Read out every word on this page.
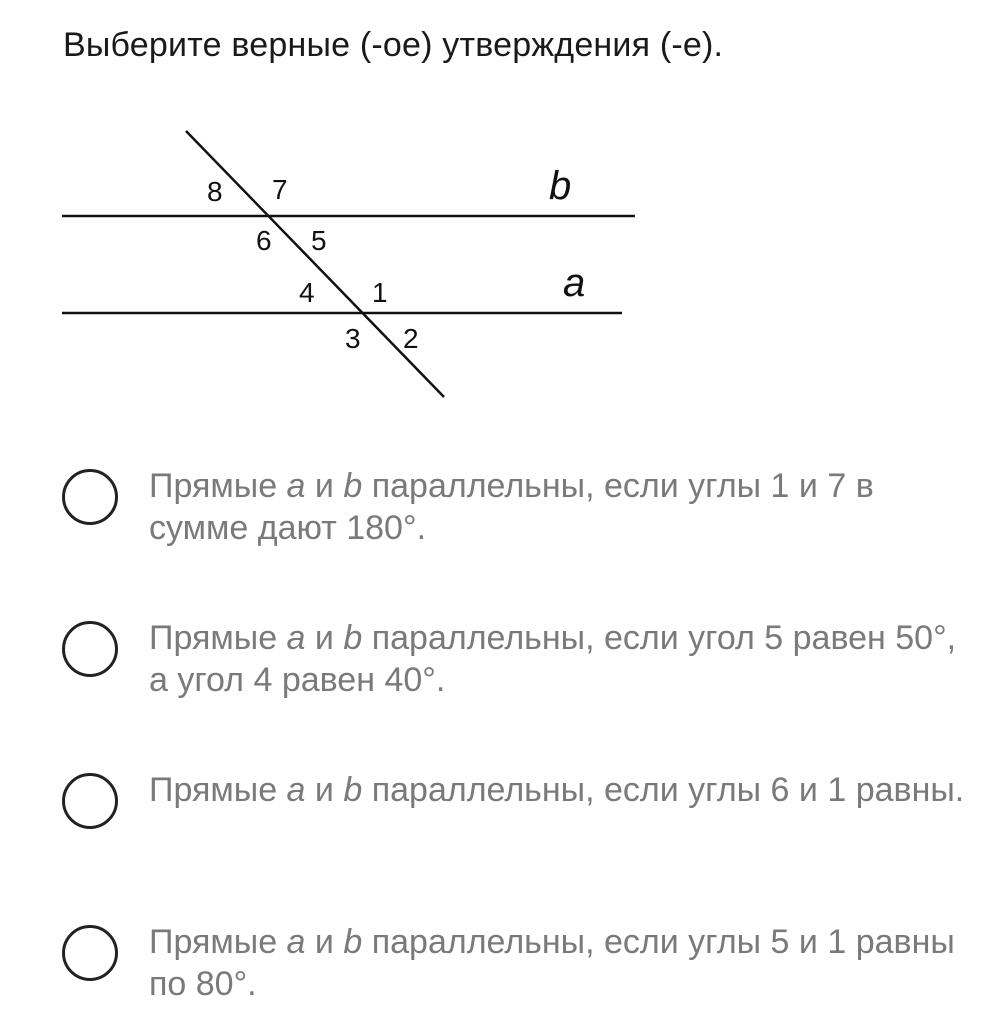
Выберите верные (-ое) утверждения (-е).
8 7
6 5
4 1
3 2
b
a
Прямые a и b параллельны, если углы 1 и 7 в сумме дают 180°.
Прямые a и b параллельны, если угол 5 равен 50°, а угол 4 равен 40°.
Прямые a и b параллельны, если углы 6 и 1 равны.
Прямые a и b параллельны, если углы 5 и 1 равны по 80°.
